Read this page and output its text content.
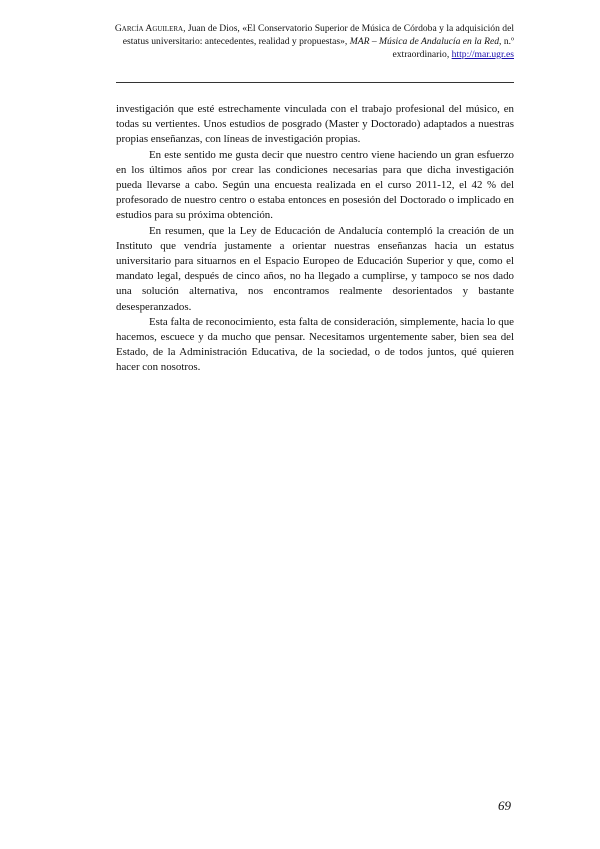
García Aguilera, Juan de Dios, «El Conservatorio Superior de Música de Córdoba y la adquisición del estatus universitario: antecedentes, realidad y propuestas», MAR – Música de Andalucía en la Red, n.º extraordinario, http://mar.ugr.es

investigación que esté estrechamente vinculada con el trabajo profesional del músico, en todas su vertientes. Unos estudios de posgrado (Master y Doctorado) adaptados a nuestras propias enseñanzas, con líneas de investigación propias.

En este sentido me gusta decir que nuestro centro viene haciendo un gran esfuerzo en los últimos años por crear las condiciones necesarias para que dicha investigación pueda llevarse a cabo. Según una encuesta realizada en el curso 2011-12, el 42 % del profesorado de nuestro centro o estaba entonces en posesión del Doctorado o implicado en estudios para su próxima obtención.

En resumen, que la Ley de Educación de Andalucía contempló la creación de un Instituto que vendría justamente a orientar nuestras enseñanzas hacia un estatus universitario para situarnos en el Espacio Europeo de Educación Superior y que, como el mandato legal, después de cinco años, no ha llegado a cumplirse, y tampoco se nos dado una solución alternativa, nos encontramos realmente desorientados y bastante desesperanzados.

Esta falta de reconocimiento, esta falta de consideración, simplemente, hacia lo que hacemos, escuece y da mucho que pensar. Necesitamos urgentemente saber, bien sea del Estado, de la Administración Educativa, de la sociedad, o de todos juntos, qué quieren hacer con nosotros.

69
